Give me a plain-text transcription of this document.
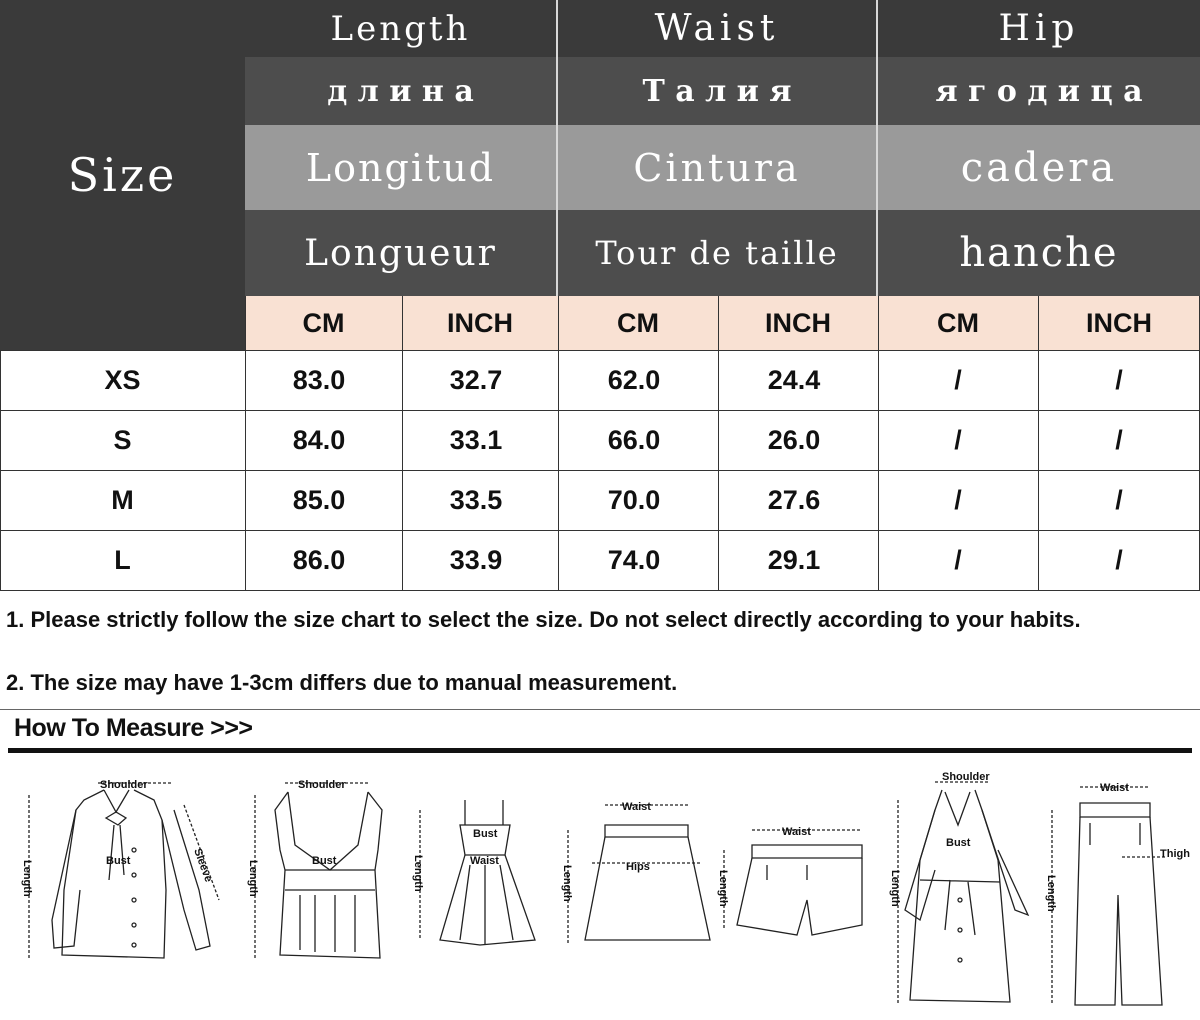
Size
Length	Waist	Hip
д л и н а	Т а л и я	я г о д и ц а
Longitud	Cintura	cadera
Longueur	Tour de taille	hanche
CM	INCH	CM	INCH	CM	INCH
XS	83.0	32.7	62.0	24.4	/	/
S	84.0	33.1	66.0	26.0	/	/
M	85.0	33.5	70.0	27.6	/	/
L	86.0	33.9	74.0	29.1	/	/
1. Please strictly follow the size chart to select the size. Do not select directly according to your habits.
2. The size may have 1-3cm differs due to manual measurement.
How To Measure >>>
Shoulder
Bust	Sleeve
Length
Shoulder
Bust
Length
Bust
Waist
Length
Waist
Hips
Length
Waist
Length
Shoulder
Bust
Length
Waist
Thigh
Length
